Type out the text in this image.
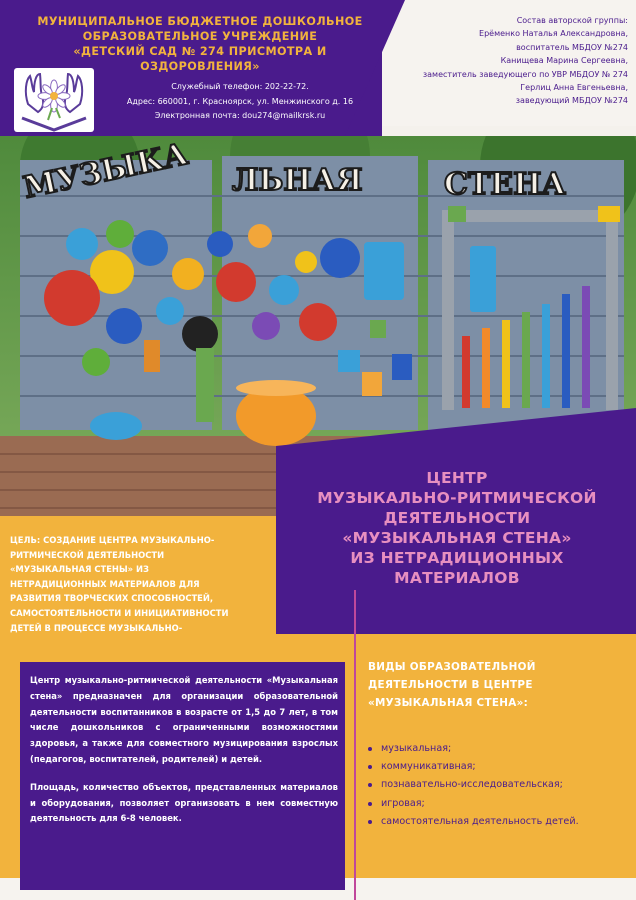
МУНИЦИПАЛЬНОЕ БЮДЖЕТНОЕ ДОШКОЛЬНОЕ
ОБРАЗОВАТЕЛЬНОЕ УЧРЕЖДЕНИЕ
«ДЕТСКИЙ САД № 274 ПРИСМОТРА И ОЗДОРОВЛЕНИЯ»
Служебный телефон: 202-22-72.
Адрес: 660001, г. Красноярск, ул. Менжинского д. 16
Электронная почта: dou274@mailkrsk.ru
Состав авторской группы:
Ерёменко Наталья Александровна,
воспитатель МБДОУ №274
Канищева Марина Сергеевна,
заместитель заведующего по УВР МБДОУ № 274
Герлиц Анна Евгеньевна,
заведующий МБДОУ №274
МУЗЫКА ЛЬНАЯ	СТЕНА
ЦЕНТР
МУЗЫКАЛЬНО-РИТМИЧЕСКОЙ
ДЕЯТЕЛЬНОСТИ
«МУЗЫКАЛЬНАЯ СТЕНА»
ИЗ НЕТРАДИЦИОННЫХ
МАТЕРИАЛОВ
ЦЕЛЬ: СОЗДАНИЕ ЦЕНТРА МУЗЫКАЛЬНО-
РИТМИЧЕСКОЙ ДЕЯТЕЛЬНОСТИ
«МУЗЫКАЛЬНАЯ СТЕНЫ» ИЗ
НЕТРАДИЦИОННЫХ МАТЕРИАЛОВ ДЛЯ
РАЗВИТИЯ ТВОРЧЕСКИХ СПОСОБНОСТЕЙ,
САМОСТОЯТЕЛЬНОСТИ И ИНИЦИАТИВНОСТИ
ДЕТЕЙ В ПРОЦЕССЕ МУЗЫКАЛЬНО-

Центр музыкально-ритмической деятельности «Музыкальная стена» предназначен для организации образовательной деятельности воспитанников в возрасте от 1,5 до 7 лет, в том числе дошкольников с ограниченными возможностями здоровья, а также для совместного музицирования взрослых (педагогов, воспитателей, родителей) и детей.

Площадь, количество объектов, представленных материалов и оборудования, позволяет организовать в нем совместную деятельность для 6-8 человек.

ВИДЫ ОБРАЗОВАТЕЛЬНОЙ
ДЕЯТЕЛЬНОСТИ В ЦЕНТРЕ
«МУЗЫКАЛЬНАЯ СТЕНА»:
музыкальная;
коммуникативная;
познавательно-исследовательская;
игровая;
самостоятельная деятельность детей.
